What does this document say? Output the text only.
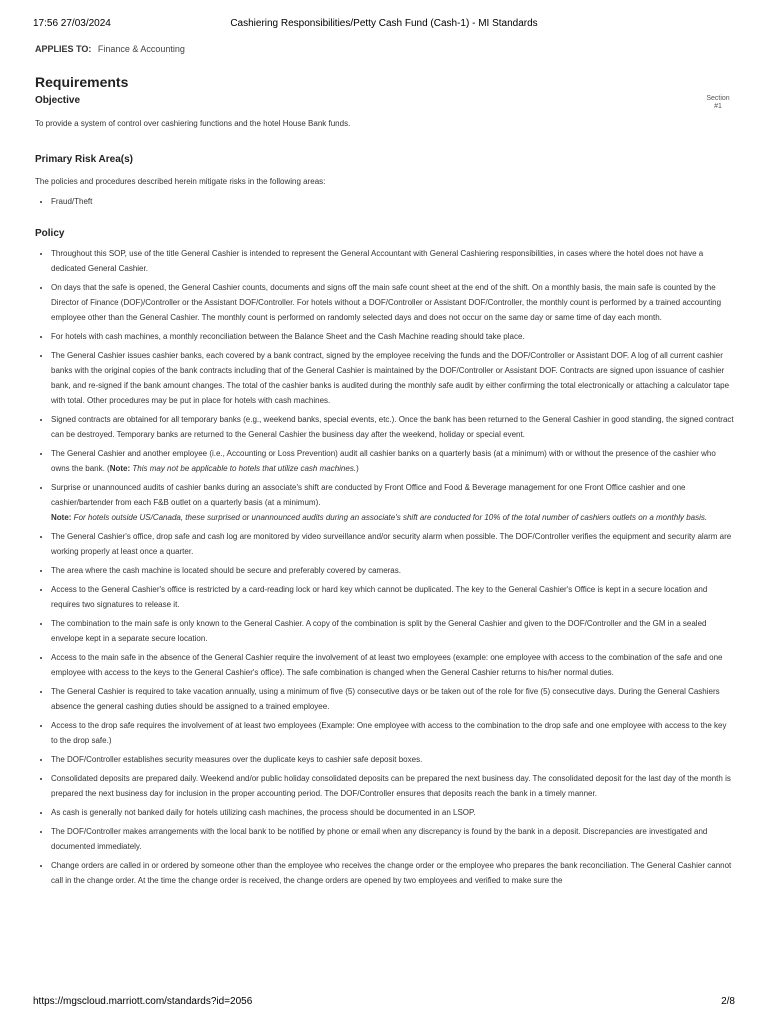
17:56 27/03/2024	Cashiering Responsibilities/Petty Cash Fund (Cash-1) - MI Standards
APPLIES TO: Finance & Accounting
Requirements
Section
#1
Objective

To provide a system of control over cashiering functions and the hotel House Bank funds.

Primary Risk Area(s)

The policies and procedures described herein mitigate risks in the following areas:

• Fraud/Theft
Policy
• Throughout this SOP, use of the title General Cashier is intended to represent the General Accountant with General Cashiering responsibilities, in cases where the hotel does not have a dedicated General Cashier.
• On days that the safe is opened, the General Cashier counts, documents and signs off the main safe count sheet at the end of the shift. On a monthly basis, the main safe is counted by the Director of Finance (DOF)/Controller or the Assistant DOF/Controller. For hotels without a DOF/Controller or Assistant DOF/Controller, the monthly count is performed by a trained accounting employee other than the General Cashier. The monthly count is performed on randomly selected days and does not occur on the same day or same time of day each month.
• For hotels with cash machines, a monthly reconciliation between the Balance Sheet and the Cash Machine reading should take place.
• The General Cashier issues cashier banks, each covered by a bank contract, signed by the employee receiving the funds and the DOF/Controller or Assistant DOF. A log of all current cashier banks with the original copies of the bank contracts including that of the General Cashier is maintained by the DOF/Controller or Assistant DOF. Contracts are signed upon issuance of cashier bank, and re-signed if the bank amount changes. The total of the cashier banks is audited during the monthly safe audit by either confirming the total electronically or attaching a calculator tape with total. Other procedures may be put in place for hotels with cash machines.
• Signed contracts are obtained for all temporary banks (e.g., weekend banks, special events, etc.). Once the bank has been returned to the General Cashier in good standing, the signed contract can be destroyed. Temporary banks are returned to the General Cashier the business day after the weekend, holiday or special event.
• The General Cashier and another employee (i.e., Accounting or Loss Prevention) audit all cashier banks on a quarterly basis (at a minimum) with or without the presence of the cashier who owns the bank. (Note: This may not be applicable to hotels that utilize cash machines.)
• Surprise or unannounced audits of cashier banks during an associate's shift are conducted by Front Office and Food & Beverage management for one Front Office cashier and one cashier/bartender from each F&B outlet on a quarterly basis (at a minimum).
Note: For hotels outside US/Canada, these surprised or unannounced audits during an associate's shift are conducted for 10% of the total number of cashiers outlets on a monthly basis.
• The General Cashier's office, drop safe and cash log are monitored by video surveillance and/or security alarm when possible. The DOF/Controller verifies the equipment and security alarm are working properly at least once a quarter.
• The area where the cash machine is located should be secure and preferably covered by cameras.
• Access to the General Cashier's office is restricted by a card-reading lock or hard key which cannot be duplicated. The key to the General Cashier's Office is kept in a secure location and requires two signatures to release it.
• The combination to the main safe is only known to the General Cashier. A copy of the combination is split by the General Cashier and given to the DOF/Controller and the GM in a sealed envelope kept in a separate secure location.
• Access to the main safe in the absence of the General Cashier require the involvement of at least two employees (example: one employee with access to the combination of the safe and one employee with access to the keys to the General Cashier's office). The safe combination is changed when the General Cashier returns to his/her normal duties.
• The General Cashier is required to take vacation annually, using a minimum of five (5) consecutive days or be taken out of the role for five (5) consecutive days. During the General Cashiers absence the general cashing duties should be assigned to a trained employee.
• Access to the drop safe requires the involvement of at least two employees (Example: One employee with access to the combination to the drop safe and one employee with access to the key to the drop safe.)
• The DOF/Controller establishes security measures over the duplicate keys to cashier safe deposit boxes.
• Consolidated deposits are prepared daily. Weekend and/or public holiday consolidated deposits can be prepared the next business day. The consolidated deposit for the last day of the month is prepared the next business day for inclusion in the proper accounting period. The DOF/Controller ensures that deposits reach the bank in a timely manner.
• As cash is generally not banked daily for hotels utilizing cash machines, the process should be documented in an LSOP.
• The DOF/Controller makes arrangements with the local bank to be notified by phone or email when any discrepancy is found by the bank in a deposit. Discrepancies are investigated and documented immediately.
• Change orders are called in or ordered by someone other than the employee who receives the change order or the employee who prepares the bank reconciliation. The General Cashier cannot call in the change order. At the time the change order is received, the change orders are opened by two employees and verified to make sure the
https://mgscloud.marriott.com/standards?id=2056	2/8
